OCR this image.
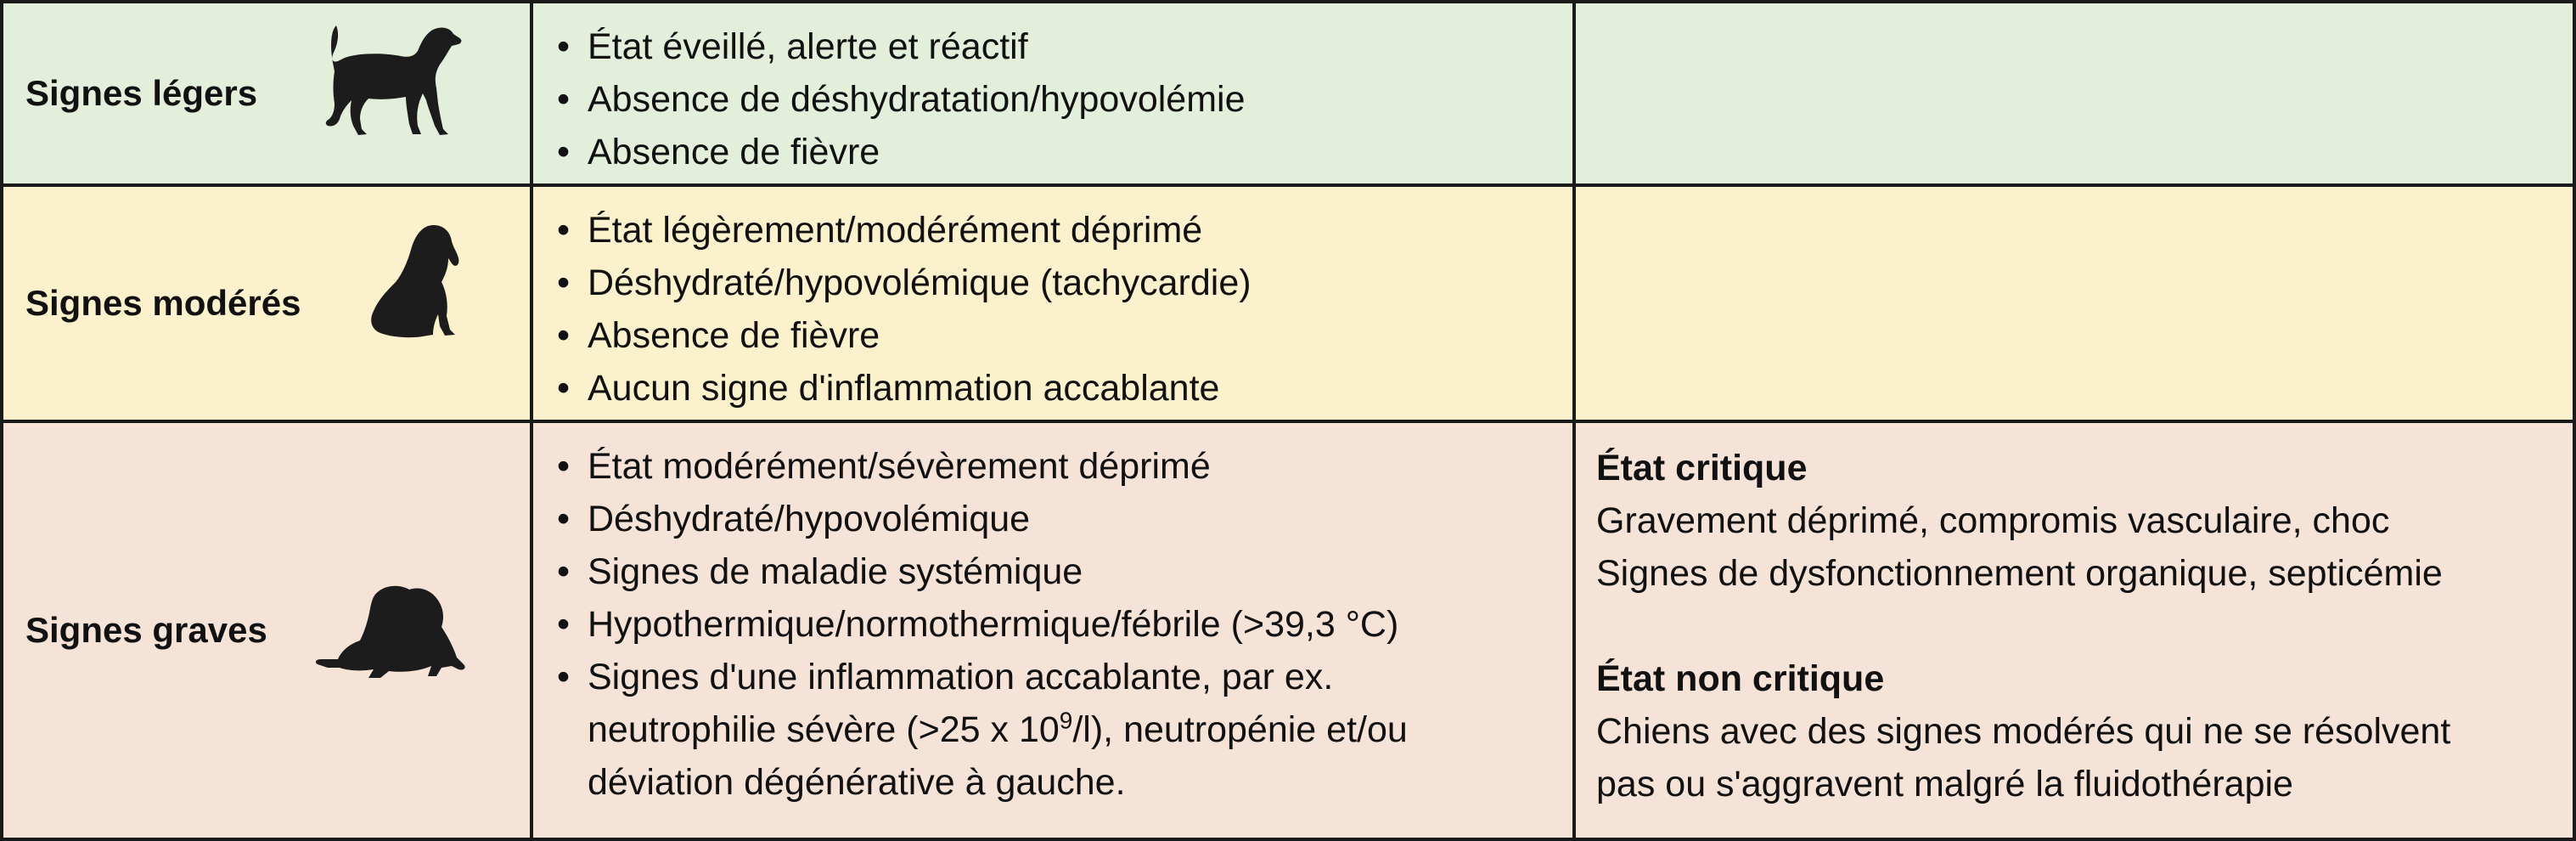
Signes légers
• État éveillé, alerte et réactif
• Absence de déshydratation/hypovolémie
• Absence de fièvre
Signes modérés
• État légèrement/modérément déprimé
• Déshydraté/hypovolémique (tachycardie)
• Absence de fièvre
• Aucun signe d'inflammation accablante
Signes graves
• État modérément/sévèrement déprimé
• Déshydraté/hypovolémique
• Signes de maladie systémique
• Hypothermique/normothermique/fébrile (>39,3 °C)
• Signes d'une inflammation accablante, par ex.
neutrophilie sévère (>25 x $10^9/l$), neutropénie et/ou
déviation dégénérative à gauche.
État critique
Gravement déprimé, compromis vasculaire, choc
Signes de dysfonctionnement organique, septicémie
État non critique
Chiens avec des signes modérés qui ne se résolvent
pas ou s'aggravent malgré la fluidothérapie
